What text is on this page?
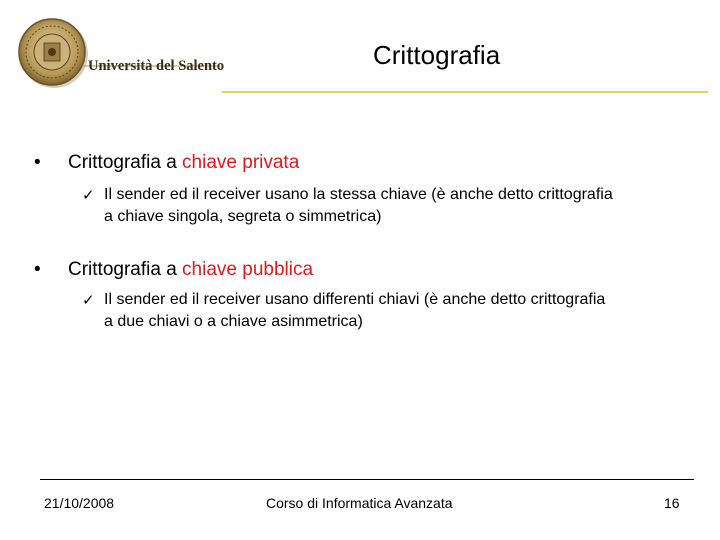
Università del Salento	Crittografia
• Crittografia a chiave privata
✓ Il sender ed il receiver usano la stessa chiave (è anche detto crittografia
a chiave singola, segreta o simmetrica)
• Crittografia a chiave pubblica
✓ Il sender ed il receiver usano differenti chiavi (è anche detto crittografia
a due chiavi o a chiave asimmetrica)
21/10/2008	Corso di Informatica Avanzata	16
